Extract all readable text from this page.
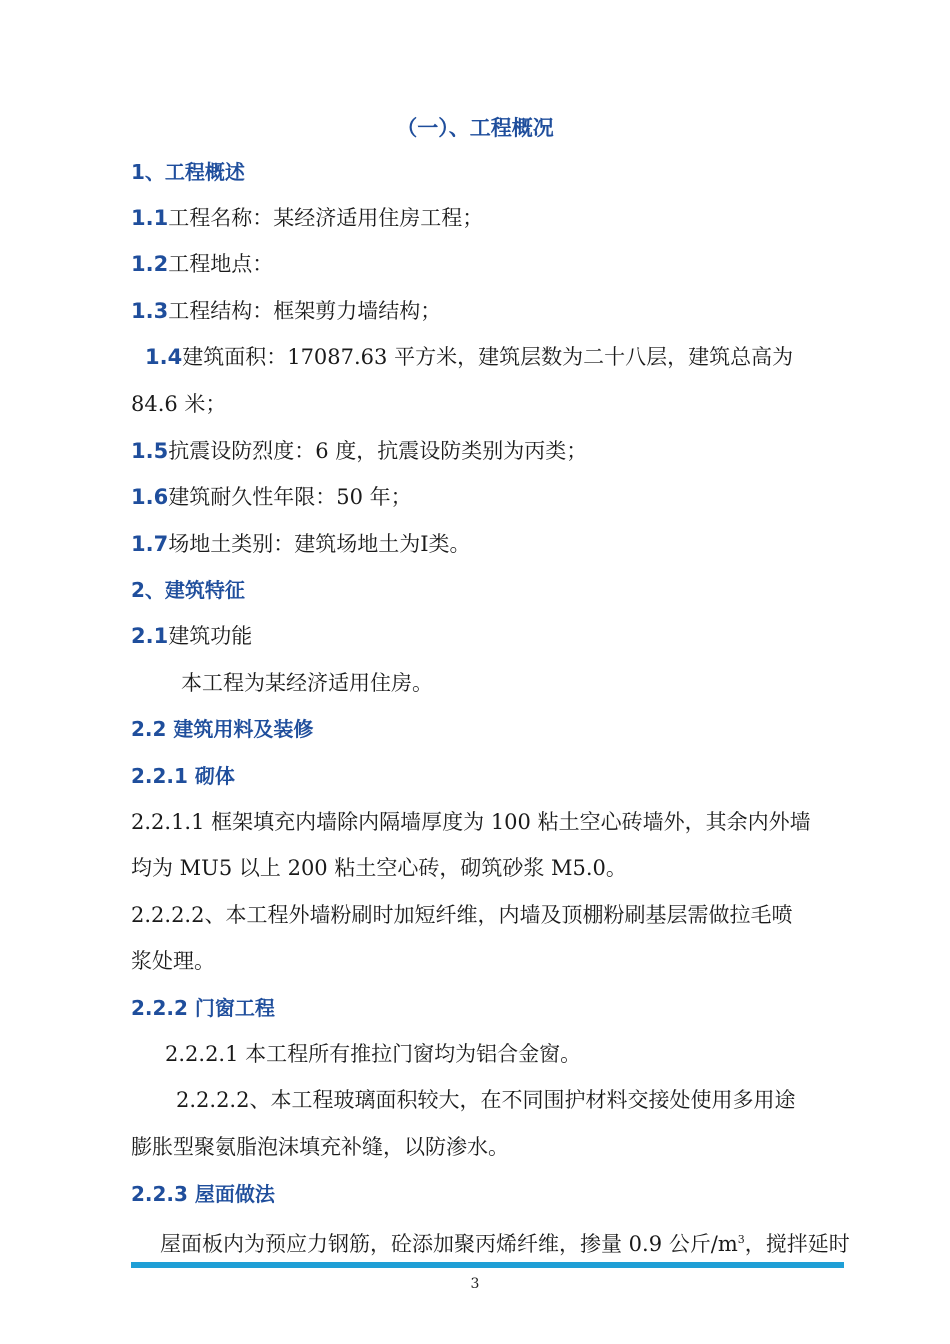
（一）、工程概况
1、工程概述
1.1工程名称：某经济适用住房工程；
1.2工程地点：
1.3工程结构：框架剪力墙结构；
1.4建筑面积：17087.63 平方米，建筑层数为二十八层，建筑总高为
84.6 米；
1.5抗震设防烈度：6 度，抗震设防类别为丙类；
1.6建筑耐久性年限：50 年；
1.7场地土类别：建筑场地土为Ⅰ类。
2、建筑特征
2.1建筑功能
本工程为某经济适用住房。
2.2 建筑用料及装修
2.2.1 砌体
2.2.1.1 框架填充内墙除内隔墙厚度为 100 粘土空心砖墙外，其余内外墙
均为 MU5 以上 200 粘土空心砖，砌筑砂浆 M5.0。
2.2.2.2、本工程外墙粉刷时加短纤维，内墙及顶棚粉刷基层需做拉毛喷
浆处理。
2.2.2 门窗工程
2.2.2.1 本工程所有推拉门窗均为铝合金窗。
2.2.2.2、本工程玻璃面积较大，在不同围护材料交接处使用多用途
膨胀型聚氨脂泡沫填充补缝，以防渗水。
2.2.3 屋面做法
屋面板内为预应力钢筋，砼添加聚丙烯纤维，掺量 0.9 公斤$/m^3$，搅拌延时
3
